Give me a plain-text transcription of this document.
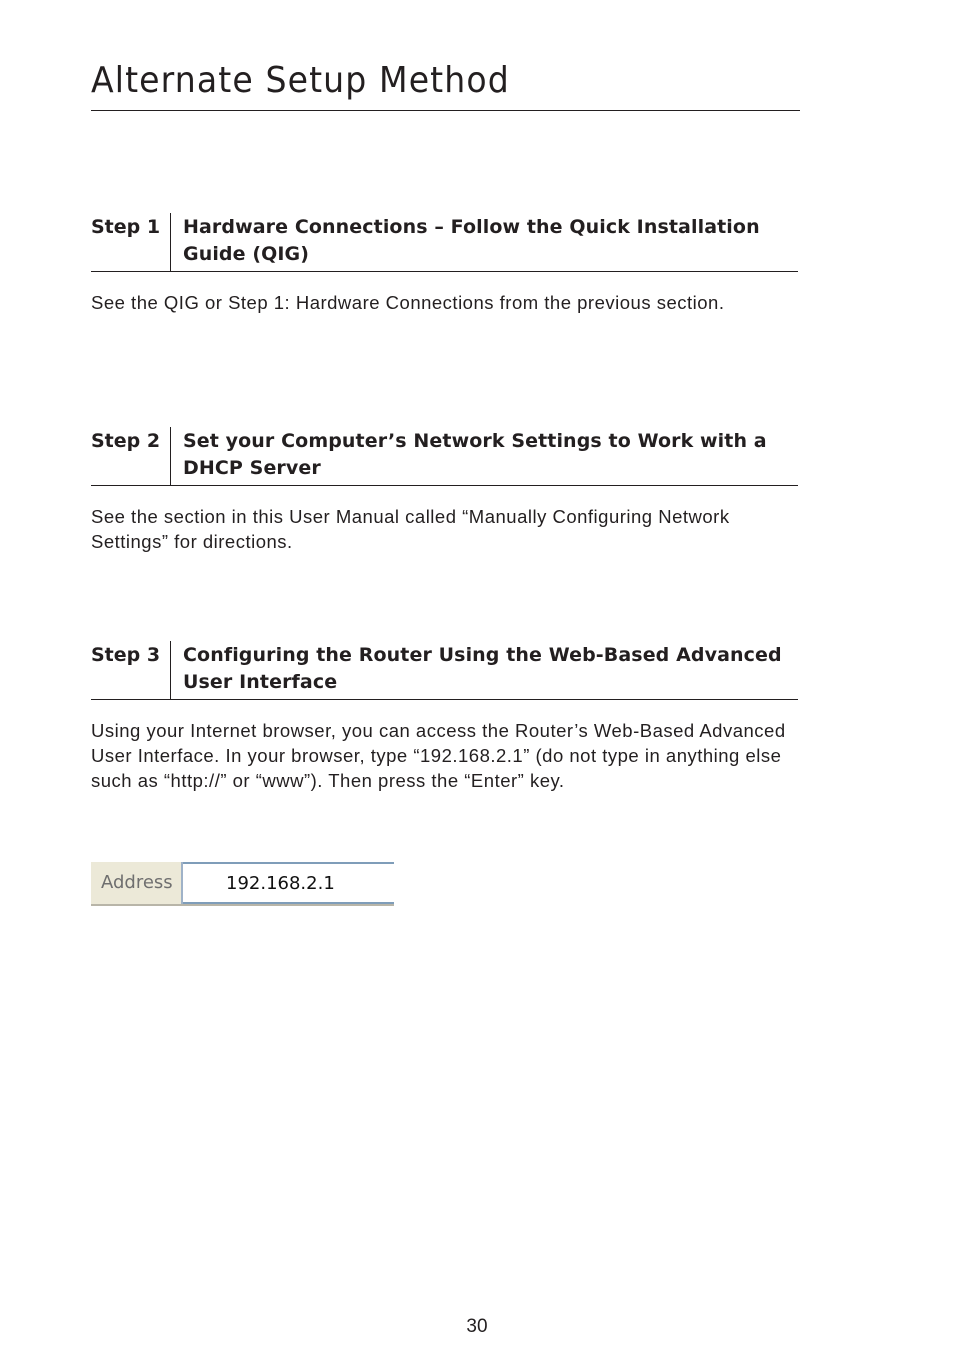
Alternate Setup Method
Step 1	Hardware Connections – Follow the Quick Installation Guide (QIG)

See the QIG or Step 1: Hardware Connections from the previous section.

Step 2	Set your Computer’s Network Settings to Work with a DHCP Server

See the section in this User Manual called “Manually Configuring Network Settings” for directions.

Step 3	Configuring the Router Using the Web-Based Advanced User Interface

Using your Internet browser, you can access the Router’s Web-Based Advanced User Interface. In your browser, type “192.168.2.1” (do not type in anything else such as “http://” or “www”). Then press the “Enter” key.

Address	192.168.2.1
30
